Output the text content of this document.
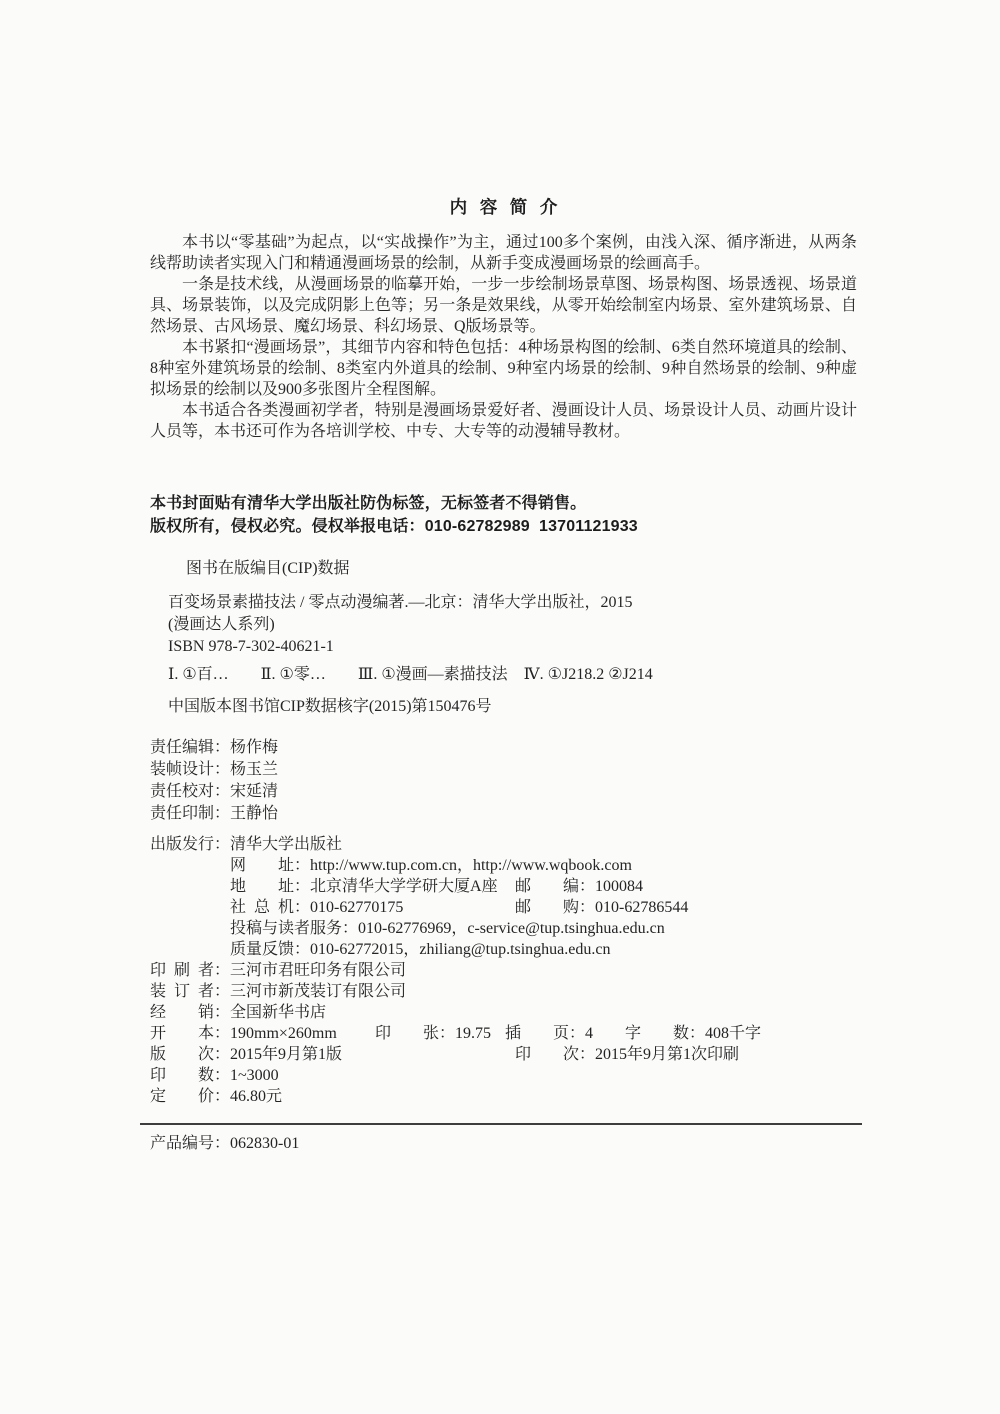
内容简介

本书以“零基础”为起点，以“实战操作”为主，通过100多个案例，由浅入深、循序渐进，从两条线帮助读者实现入门和精通漫画场景的绘制，从新手变成漫画场景的绘画高手。

一条是技术线，从漫画场景的临摹开始，一步一步绘制场景草图、场景构图、场景透视、场景道具、场景装饰，以及完成阴影上色等；另一条是效果线，从零开始绘制室内场景、室外建筑场景、自然场景、古风场景、魔幻场景、科幻场景、Q版场景等。

本书紧扣“漫画场景”，其细节内容和特色包括：4种场景构图的绘制、6类自然环境道具的绘制、8种室外建筑场景的绘制、8类室内外道具的绘制、9种室内场景的绘制、9种自然场景的绘制、9种虚拟场景的绘制以及900多张图片全程图解。

本书适合各类漫画初学者，特别是漫画场景爱好者、漫画设计人员、场景设计人员、动画片设计人员等，本书还可作为各培训学校、中专、大专等的动漫辅导教材。

本书封面贴有清华大学出版社防伪标签，无标签者不得销售。

版权所有，侵权必究。侵权举报电话：010-62782989  13701121933

图书在版编目(CIP)数据

百变场景素描技法 / 零点动漫编著.—北京：清华大学出版社，2015

(漫画达人系列)

ISBN 978-7-302-40621-1

Ⅰ. ①百…　　Ⅱ. ①零…　　Ⅲ. ①漫画—素描技法　Ⅳ. ①J218.2 ②J214

中国版本图书馆CIP数据核字(2015)第150476号

责任编辑：杨作梅

装帧设计：杨玉兰

责任校对：宋延清

责任印制：王静怡

出版发行：清华大学出版社

网址：http://www.tup.com.cn，http://www.wqbook.com

地址：北京清华大学学研大厦A座 邮编：100084

社总机：010-62770175	邮购：010-62786544

投稿与读者服务：010-62776969，c-service@tup.tsinghua.edu.cn

质量反馈：010-62772015，zhiliang@tup.tsinghua.edu.cn

印刷者：三河市君旺印务有限公司

装订者：三河市新茂装订有限公司

经销：全国新华书店

开本：190mm×260mm 印张：19.75 插页：4 字数：408千字

版次：2015年9月第1版	印次：2015年9月第1次印刷

印数：1~3000

定价：46.80元

产品编号：062830-01
